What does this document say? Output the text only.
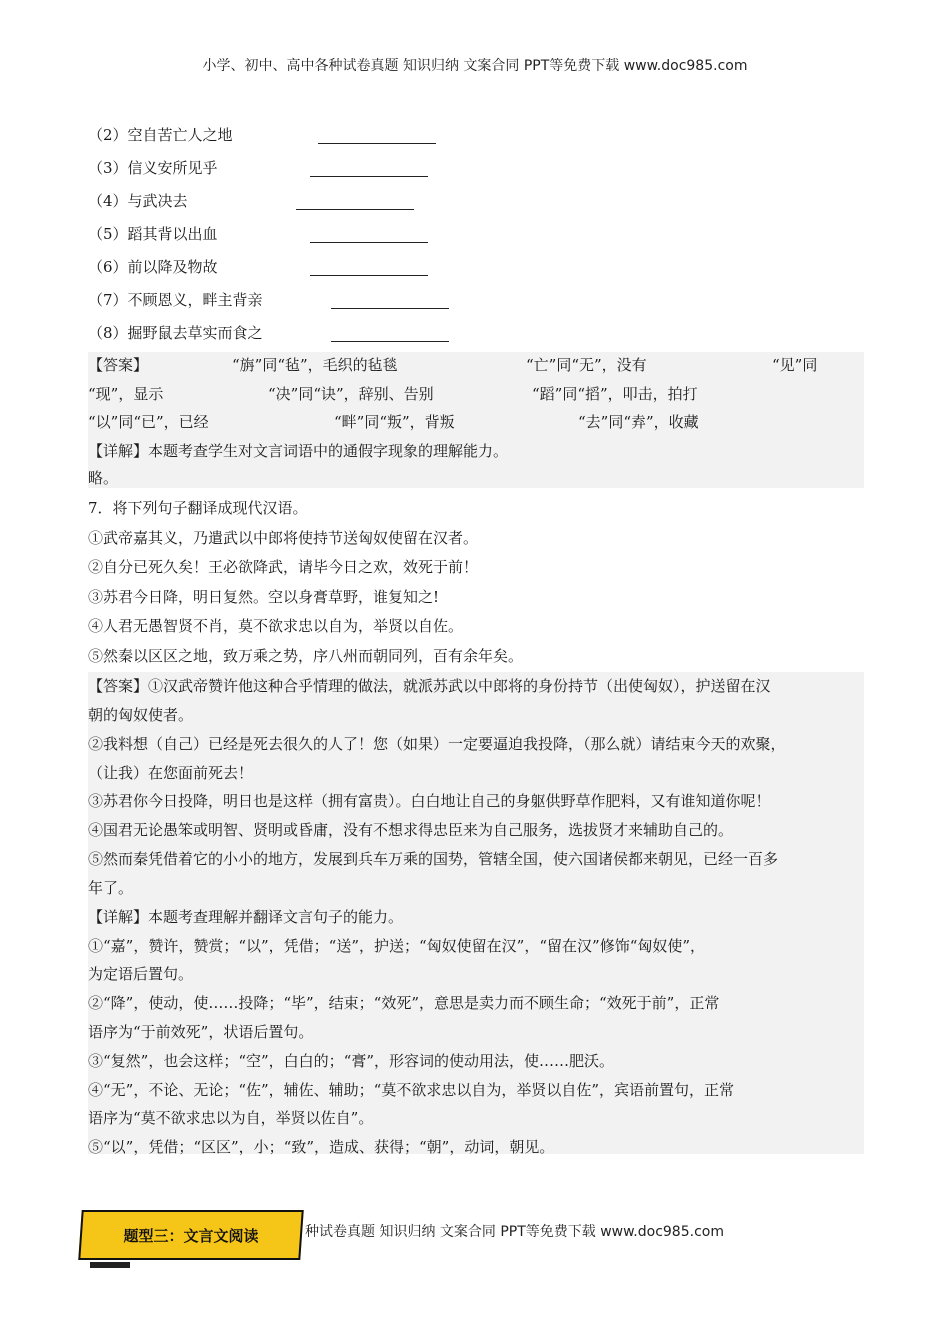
小学、初中、高中各种试卷真题 知识归纳 文案合同 PPT等免费下载 www.doc985.com
（2）空自苦亡人之地
（3）信义安所见乎
（4）与武决去
（5）蹈其背以出血
（6）前以降及物故
（7）不顾恩义，畔主背亲
（8）掘野鼠去草实而食之
【答案】	“旃”同“毡”，毛织的毡毯	“亡”同“无”，没有	“见”同
“现”，显示	“决”同“诀”，辞别、告别	“蹈”同“搯”，叩击，拍打
“以”同“已”，已经	“畔”同“叛”，背叛	“去”同“弆”，收藏
【详解】本题考查学生对文言词语中的通假字现象的理解能力。
略。
7．将下列句子翻译成现代汉语。
①武帝嘉其义，乃遣武以中郎将使持节送匈奴使留在汉者。
②自分已死久矣！王必欲降武，请毕今日之欢，效死于前！
③苏君今日降，明日复然。空以身膏草野，谁复知之!
④人君无愚智贤不肖，莫不欲求忠以自为，举贤以自佐。
⑤然秦以区区之地，致万乘之势，序八州而朝同列，百有余年矣。
【答案】①汉武帝赞许他这种合乎情理的做法，就派苏武以中郎将的身份持节（出使匈奴），护送留在汉
朝的匈奴使者。
②我料想（自己）已经是死去很久的人了！您（如果）一定要逼迫我投降，（那么就）请结束今天的欢聚，
（让我）在您面前死去！
③苏君你今日投降，明日也是这样（拥有富贵）。白白地让自己的身躯供野草作肥料，又有谁知道你呢！
④国君无论愚笨或明智、贤明或昏庸，没有不想求得忠臣来为自己服务，选拔贤才来辅助自己的。
⑤然而秦凭借着它的小小的地方，发展到兵车万乘的国势，管辖全国，使六国诸侯都来朝见，已经一百多
年了。
【详解】本题考查理解并翻译文言句子的能力。
①“嘉”，赞许，赞赏；“以”，凭借；“送”，护送；“匈奴使留在汉”，“留在汉”修饰“匈奴使”，
为定语后置句。
②“降”，使动，使……投降；“毕”，结束；“效死”，意思是卖力而不顾生命；“效死于前”，正常
语序为“于前效死”，状语后置句。
③“复然”，也会这样；“空”，白白的；“膏”，形容词的使动用法，使……肥沃。
④“无”，不论、无论；“佐”，辅佐、辅助；“莫不欲求忠以自为，举贤以自佐”，宾语前置句，正常
语序为“莫不欲求忠以为自，举贤以佐自”。
⑤“以”，凭借；“区区”，小；“致”，造成、获得；“朝”，动词，朝见。
题型三：文言文阅读	种试卷真题 知识归纳 文案合同 PPT等免费下载 www.doc985.com
